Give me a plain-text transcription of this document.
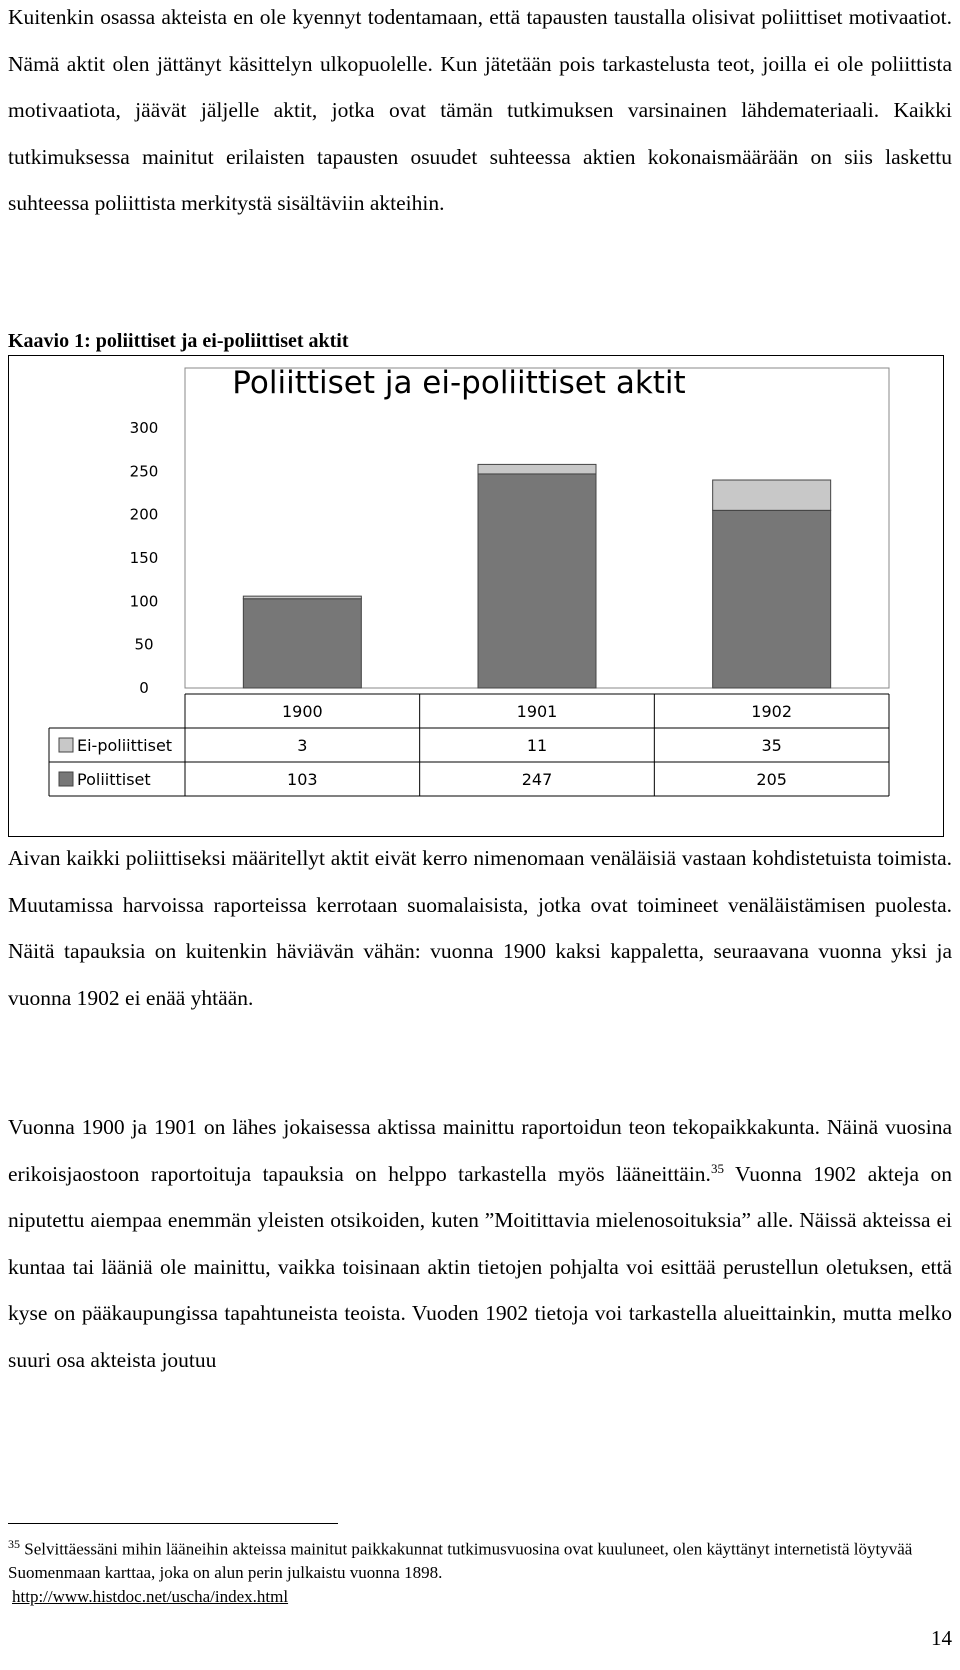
Kuitenkin osassa akteista en ole kyennyt todentamaan, että tapausten taustalla olisivat poliittiset motivaatiot. Nämä aktit olen jättänyt käsittelyn ulkopuolelle. Kun jätetään pois tarkastelusta teot, joilla ei ole poliittista motivaatiota, jäävät jäljelle aktit, jotka ovat tämän tutkimuksen varsinainen lähdemateriaali. Kaikki tutkimuksessa mainitut erilaisten tapausten osuudet suhteessa aktien kokonaismäärään on siis laskettu suhteessa poliittista merkitystä sisältäviin akteihin.

Kaavio 1: poliittiset ja ei-poliittiset aktit

Poliittiset ja ei-poliittiset aktit
300
250
200
150
100
50
0
1900	1901	1902
Ei-poliittiset	3	11	35
Poliittiset	103	247	205

Aivan kaikki poliittiseksi määritellyt aktit eivät kerro nimenomaan venäläisiä vastaan kohdistetuista toimista. Muutamissa harvoissa raporteissa kerrotaan suomalaisista, jotka ovat toimineet venäläistämisen puolesta. Näitä tapauksia on kuitenkin häviävän vähän: vuonna 1900 kaksi kappaletta, seuraavana vuonna yksi ja vuonna 1902 ei enää yhtään.

Vuonna 1900 ja 1901 on lähes jokaisessa aktissa mainittu raportoidun teon tekopaikkakunta. Näinä vuosina erikoisjaostoon raportoituja tapauksia on helppo tarkastella myös lääneittäin.$^{35}$ Vuonna 1902 akteja on niputettu aiempaa enemmän yleisten otsikoiden, kuten ”Moitittavia mielenosoituksia” alle. Näissä akteissa ei kuntaa tai lääniä ole mainittu, vaikka toisinaan aktin tietojen pohjalta voi esittää perustellun oletuksen, että kyse on pääkaupungissa tapahtuneista teoista. Vuoden 1902 tietoja voi tarkastella alueittainkin, mutta melko suuri osa akteista joutuu

$^{35}$ Selvittäessäni mihin lääneihin akteissa mainitut paikkakunnat tutkimusvuosina ovat kuuluneet, olen käyttänyt internetistä löytyvää Suomenmaan karttaa, joka on alun perin julkaistu vuonna 1898.
http://www.histdoc.net/uscha/index.html

14
